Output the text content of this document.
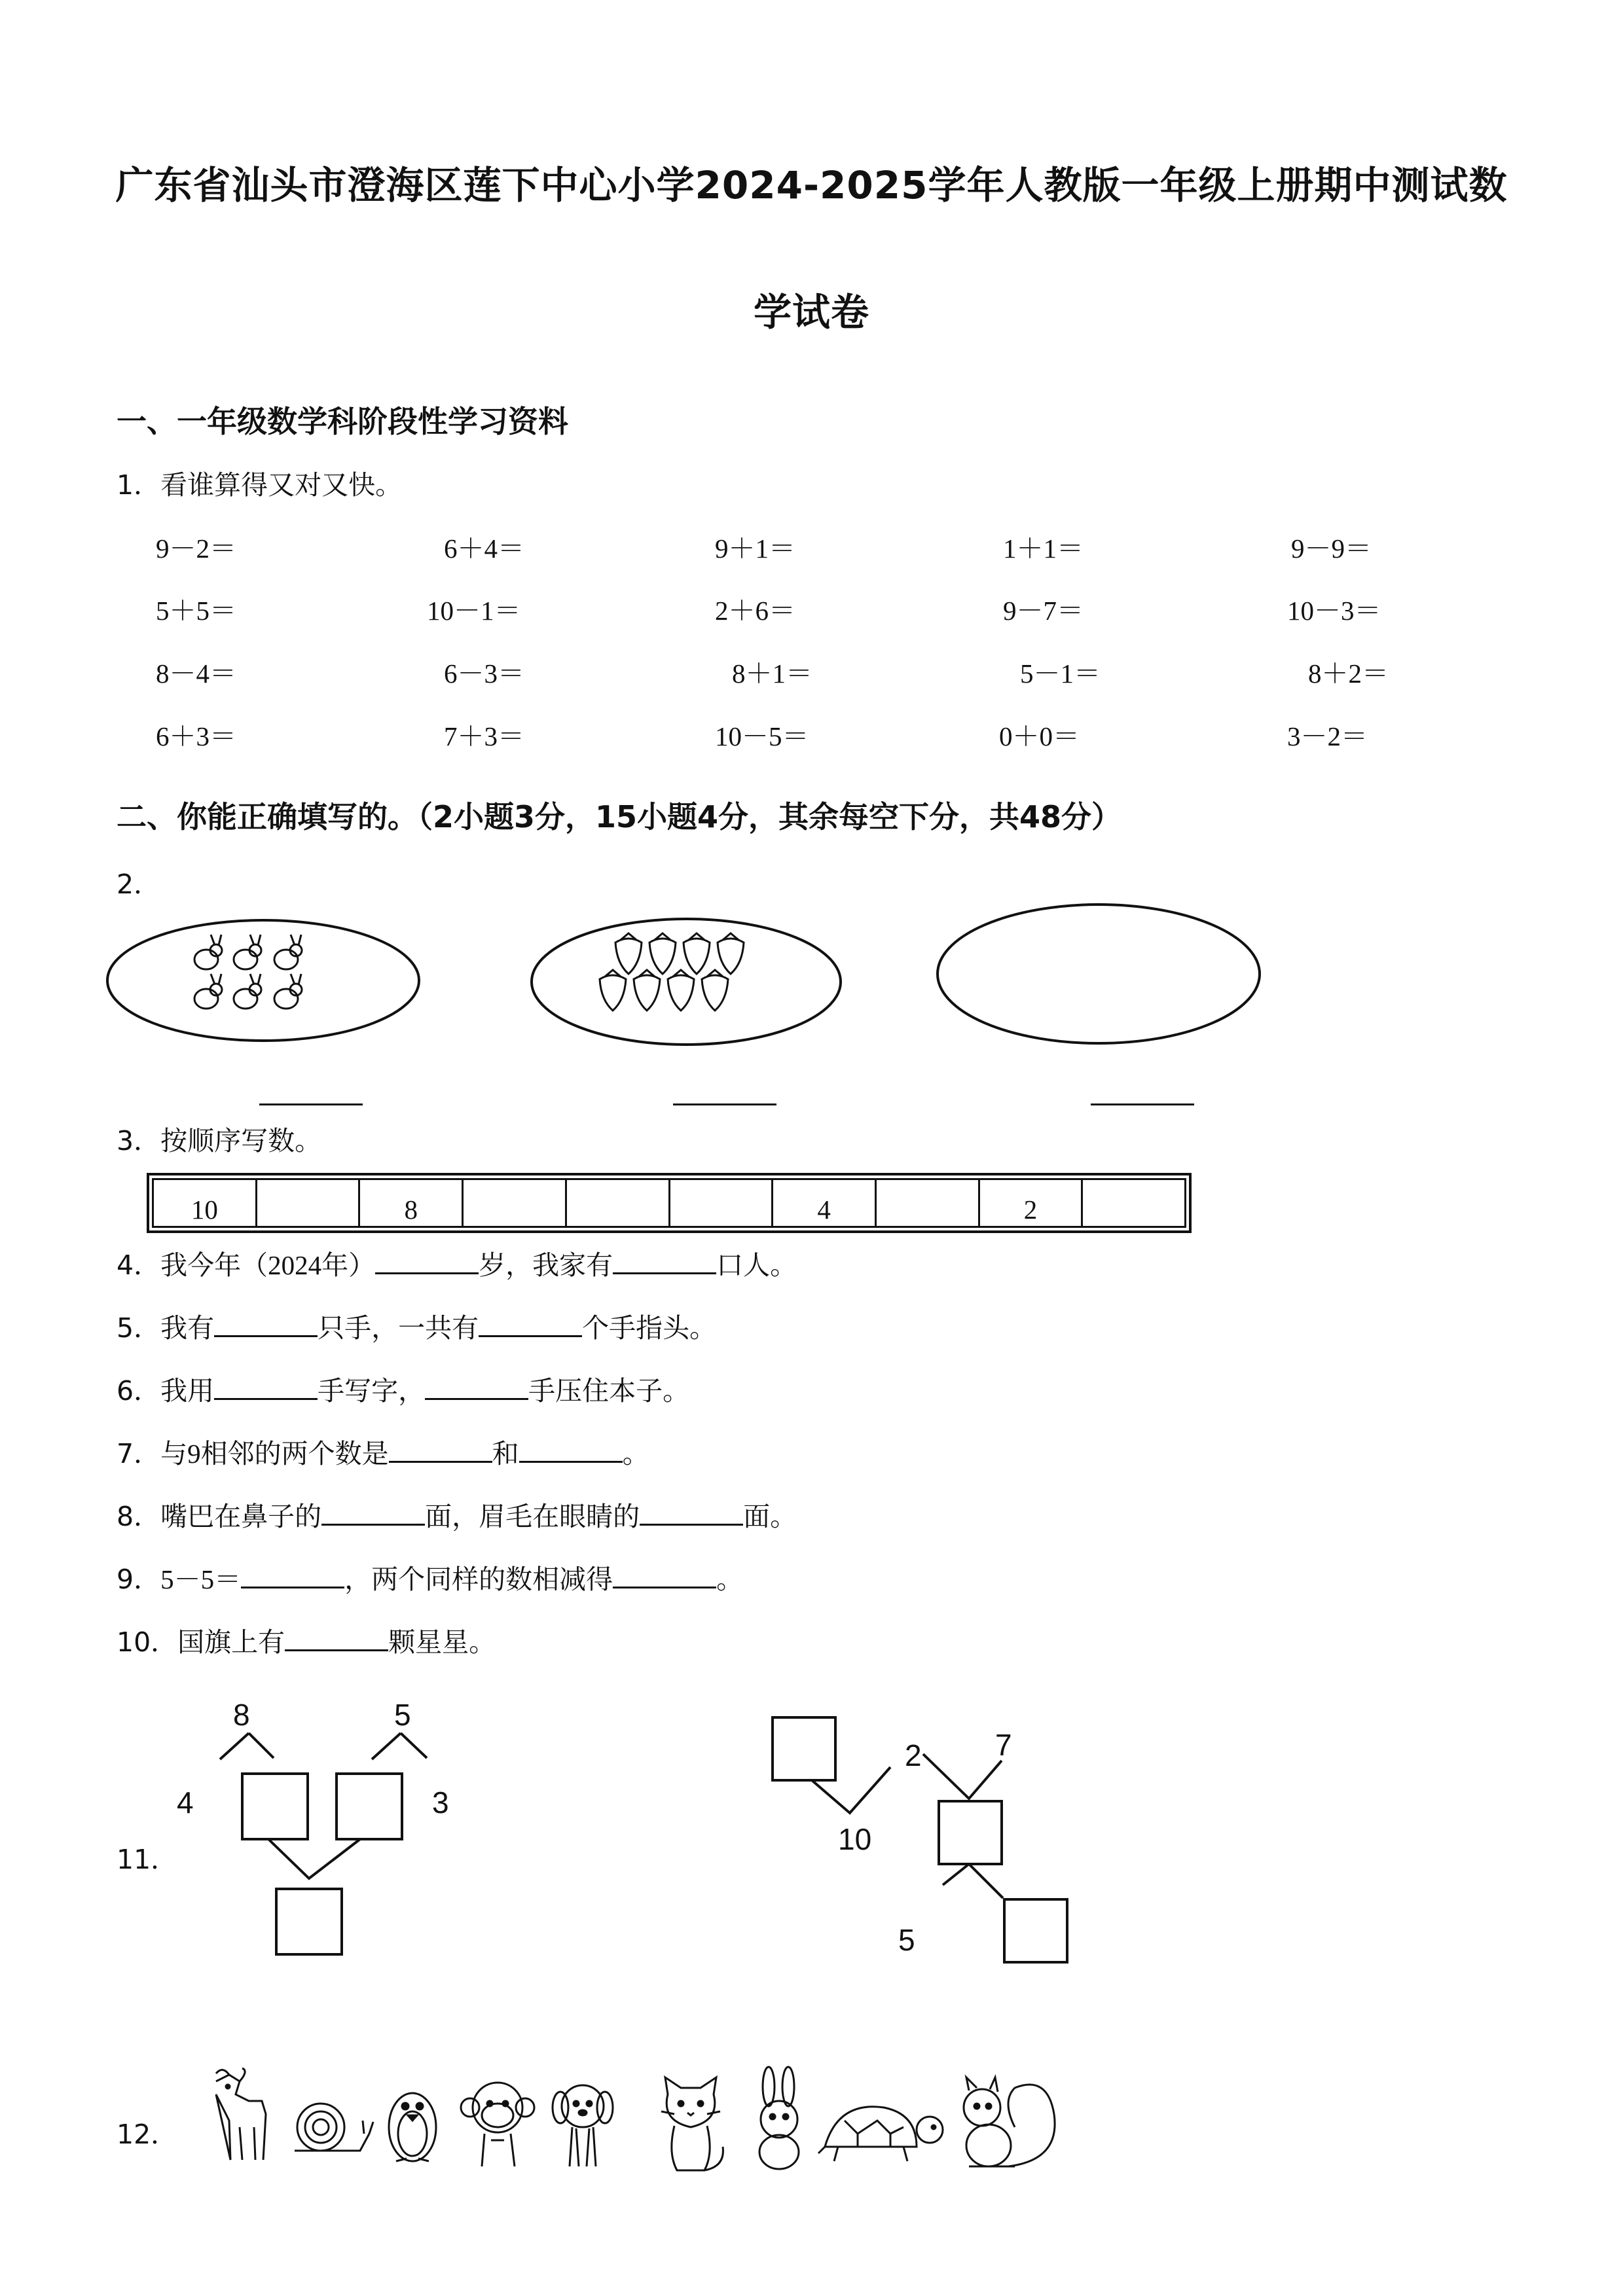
广东省汕头市澄海区莲下中心小学2024-2025学年人教版一年级上册期中测试数
学试卷
一、一年级数学科阶段性学习资料
1．看谁算得又对又快。
9－2＝	6＋4＝	9＋1＝	1＋1＝	9－9＝
5＋5＝	10－1＝	2＋6＝	9－7＝	10－3＝
8－4＝	6－3＝	8＋1＝	5－1＝	8＋2＝
6＋3＝	7＋3＝	10－5＝	0＋0＝	3－2＝
二、你能正确填写的。（2小题3分，15小题4分，其余每空下分，共48分）
2．
3．按顺序写数。
10	8	4	2
4．我今年（2024年）	岁，我家有	口人。
5．我有	只手，一共有	个手指头。
6．我用	手写字，	手压住本子。
7．与9相邻的两个数是	和	。
8．嘴巴在鼻子的	面，眉毛在眼睛的	面。
9．5－5＝	，两个同样的数相减得	。
10．国旗上有	颗星星。
11．
8	5
4	3
2 7
10
5
12．
